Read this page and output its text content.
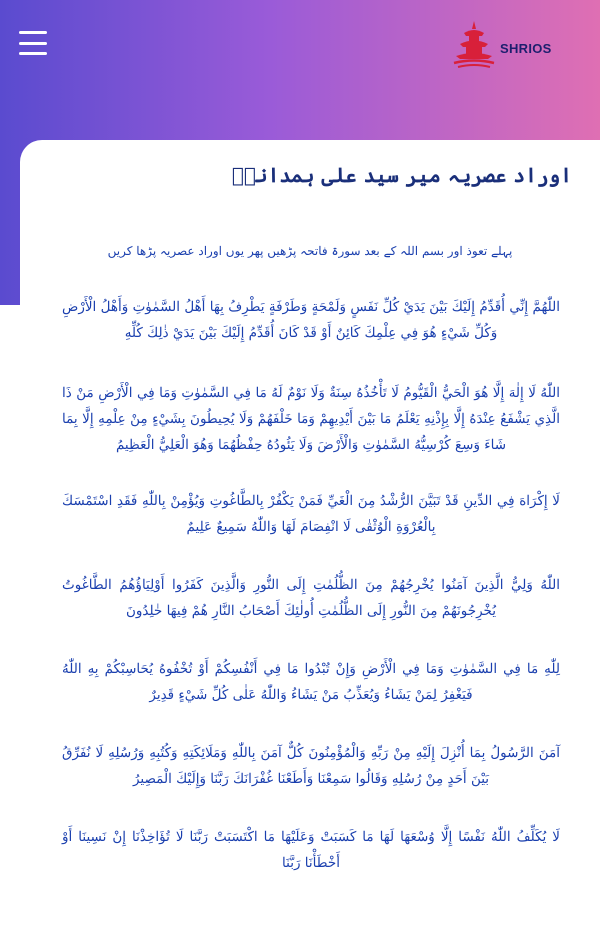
SHRIOS
اوراد عصریہ میر سید علی ہمدانیؒ

پہلے تعوذ اور بسم اللہ کے بعد سورۃ فاتحہ پڑھیں پھر یوں اوراد عصریہ پڑھا کریں

اللّٰهُمَّ إِنِّي أُقَدِّمُ إِلَيْكَ بَيْنَ يَدَيْ كُلِّ نَفَسٍ وَلَمْحَةٍ وَطَرْفَةٍ يَطْرِفُ بِهَا أَهْلُ السَّمٰوٰتِ وَأَهْلُ الْأَرْضِ وَكُلِّ شَيْءٍ هُوَ فِي عِلْمِكَ كَائِنٌ أَوْ قَدْ كَانَ أُقَدِّمُ إِلَيْكَ بَيْنَ يَدَيْ ذٰلِكَ كُلِّهِ

اللّٰهُ لَا إِلٰهَ إِلَّا هُوَ الْحَيُّ الْقَيُّومُ لَا تَأْخُذُهُ سِنَةٌ وَلَا نَوْمٌ لَهُ مَا فِي السَّمٰوٰتِ وَمَا فِي الْأَرْضِ مَنْ ذَا الَّذِي يَشْفَعُ عِنْدَهُ إِلَّا بِإِذْنِهِ يَعْلَمُ مَا بَيْنَ أَيْدِيهِمْ وَمَا خَلْفَهُمْ وَلَا يُحِيطُونَ بِشَيْءٍ مِنْ عِلْمِهِ إِلَّا بِمَا شَاءَ وَسِعَ كُرْسِيُّهُ السَّمٰوٰتِ وَالْأَرْضَ وَلَا يَئُودُهُ حِفْظُهُمَا وَهُوَ الْعَلِيُّ الْعَظِيمُ

لَا إِكْرَاهَ فِي الدِّينِ قَدْ تَبَيَّنَ الرُّشْدُ مِنَ الْغَيِّ فَمَنْ يَكْفُرْ بِالطَّاغُوتِ وَيُؤْمِنْ بِاللّٰهِ فَقَدِ اسْتَمْسَكَ بِالْعُرْوَةِ الْوُثْقٰى لَا انْفِصَامَ لَهَا وَاللّٰهُ سَمِيعٌ عَلِيمٌ

اللّٰهُ وَلِيُّ الَّذِينَ آمَنُوا يُخْرِجُهُمْ مِنَ الظُّلُمٰتِ إِلَى النُّورِ وَالَّذِينَ كَفَرُوا أَوْلِيَاؤُهُمُ الطَّاغُوتُ يُخْرِجُونَهُمْ مِنَ النُّورِ إِلَى الظُّلُمٰتِ أُولٰئِكَ أَصْحَابُ النَّارِ هُمْ فِيهَا خٰلِدُونَ

لِلّٰهِ مَا فِي السَّمٰوٰتِ وَمَا فِي الْأَرْضِ وَإِنْ تُبْدُوا مَا فِي أَنْفُسِكُمْ أَوْ تُخْفُوهُ يُحَاسِبْكُمْ بِهِ اللّٰهُ فَيَغْفِرُ لِمَنْ يَشَاءُ وَيُعَذِّبُ مَنْ يَشَاءُ وَاللّٰهُ عَلٰى كُلِّ شَيْءٍ قَدِيرٌ

آمَنَ الرَّسُولُ بِمَا أُنْزِلَ إِلَيْهِ مِنْ رَبِّهِ وَالْمُؤْمِنُونَ كُلٌّ آمَنَ بِاللّٰهِ وَمَلَائِكَتِهِ وَكُتُبِهِ وَرُسُلِهِ لَا نُفَرِّقُ بَيْنَ أَحَدٍ مِنْ رُسُلِهِ وَقَالُوا سَمِعْنَا وَأَطَعْنَا غُفْرَانَكَ رَبَّنَا وَإِلَيْكَ الْمَصِيرُ

لَا يُكَلِّفُ اللّٰهُ نَفْسًا إِلَّا وُسْعَهَا لَهَا مَا كَسَبَتْ وَعَلَيْهَا مَا اكْتَسَبَتْ رَبَّنَا لَا تُؤَاخِذْنَا إِنْ نَسِينَا أَوْ أَخْطَأْنَا رَبَّنَا
